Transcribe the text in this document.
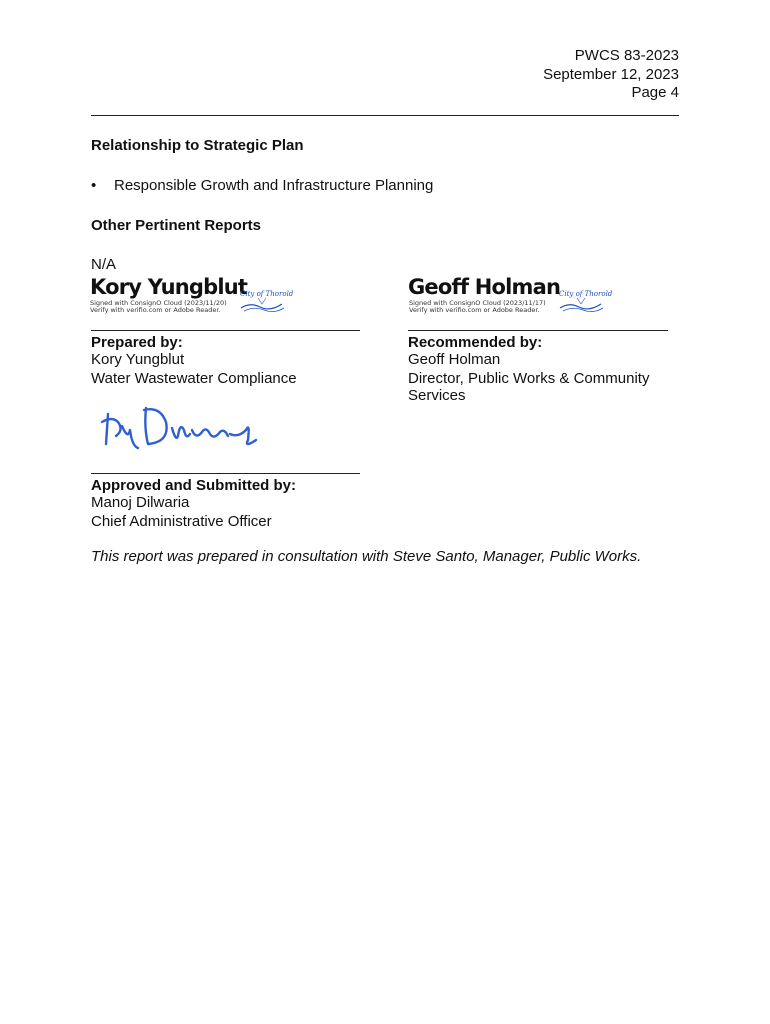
PWCS 83-2023
September 12, 2023
Page 4
Relationship to Strategic Plan
• Responsible Growth and Infrastructure Planning
Other Pertinent Reports
N/A
Kory Yungblut
Signed with ConsignO Cloud (2023/11/20)
Verify with verifio.com or Adobe Reader.
City of Thorold
Prepared by:
Kory Yungblut
Water Wastewater Compliance
Geoff Holman
Signed with ConsignO Cloud (2023/11/17)
Verify with verifio.com or Adobe Reader.
City of Thorold
Recommended by:
Geoff Holman
Director, Public Works & Community
Services
Approved and Submitted by:
Manoj Dilwaria
Chief Administrative Officer
This report was prepared in consultation with Steve Santo, Manager, Public Works.
